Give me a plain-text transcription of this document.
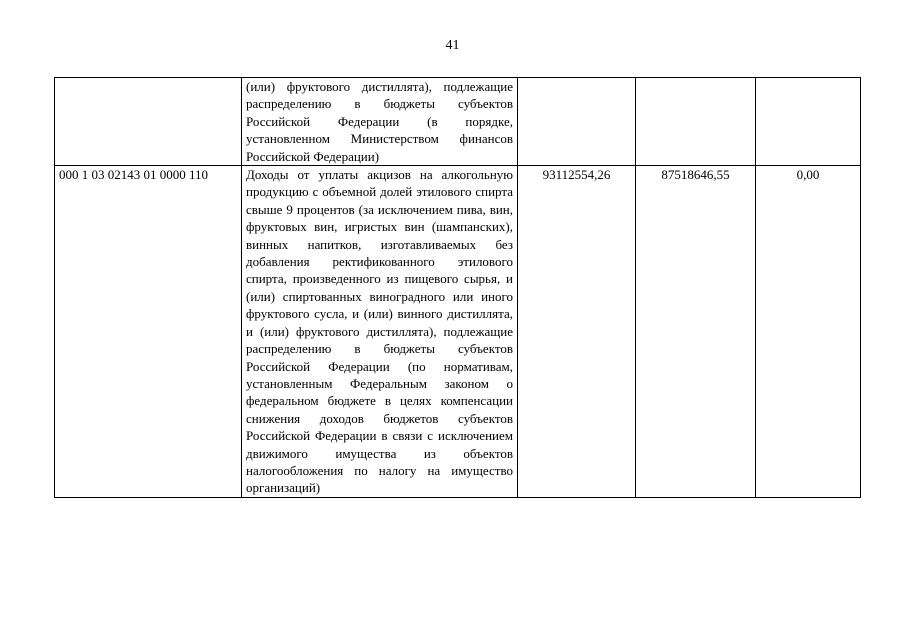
41
	(или) фруктового дистиллята), подлежащие распределению в бюджеты субъектов Российской Федерации (в порядке, установленном Министерством финансов Российской Федерации)			
000 1 03 02143 01 0000 110	Доходы от уплаты акцизов на алкогольную продукцию с объемной долей этилового спирта свыше 9 процентов (за исключением пива, вин, фруктовых вин, игристых вин (шампанских), винных напитков, изготавливаемых без добавления ректификованного этилового спирта, произведенного из пищевого сырья, и (или) спиртованных виноградного или иного фруктового сусла, и (или) винного дистиллята, и (или) фруктового дистиллята), подлежащие распределению в бюджеты субъектов Российской Федерации (по нормативам, установленным Федеральным законом о федеральном бюджете в целях компенсации снижения доходов бюджетов субъектов Российской Федерации в связи с исключением движимого имущества из объектов налогообложения по налогу на имущество организаций)	93112554,26	87518646,55	0,00
